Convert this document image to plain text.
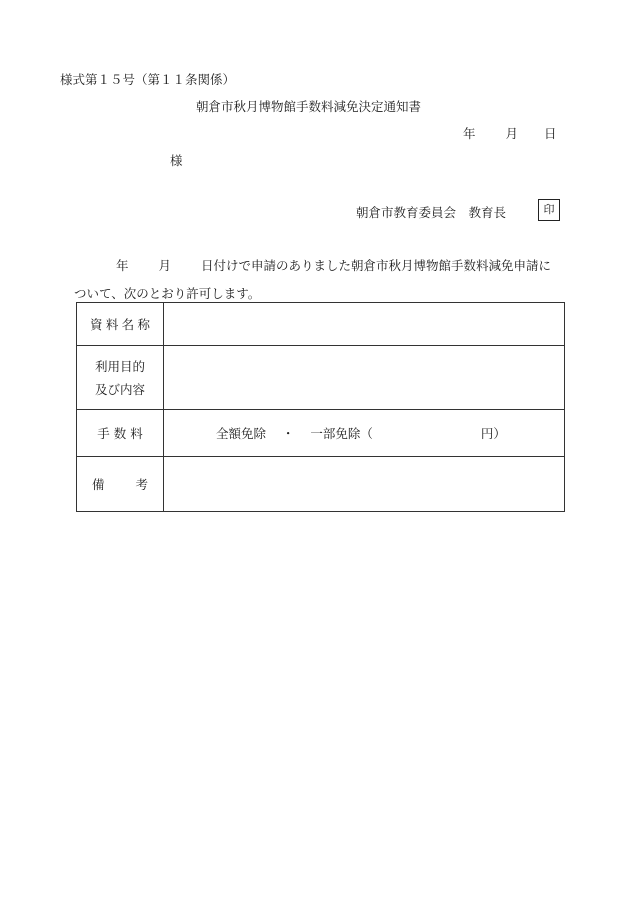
様式第１５号（第１１条関係）
朝倉市秋月博物館手数料減免決定通知書
年 月 日
様
朝倉市教育委員会　教育長	印
年 月 日付けで申請のありました朝倉市秋月博物館手数料減免申請に
ついて、次のとおり許可します。
資料名称	

利用目的
及び内容	

手 数 料	全額免除 ・ 一部免除（ 円）
備　考	
